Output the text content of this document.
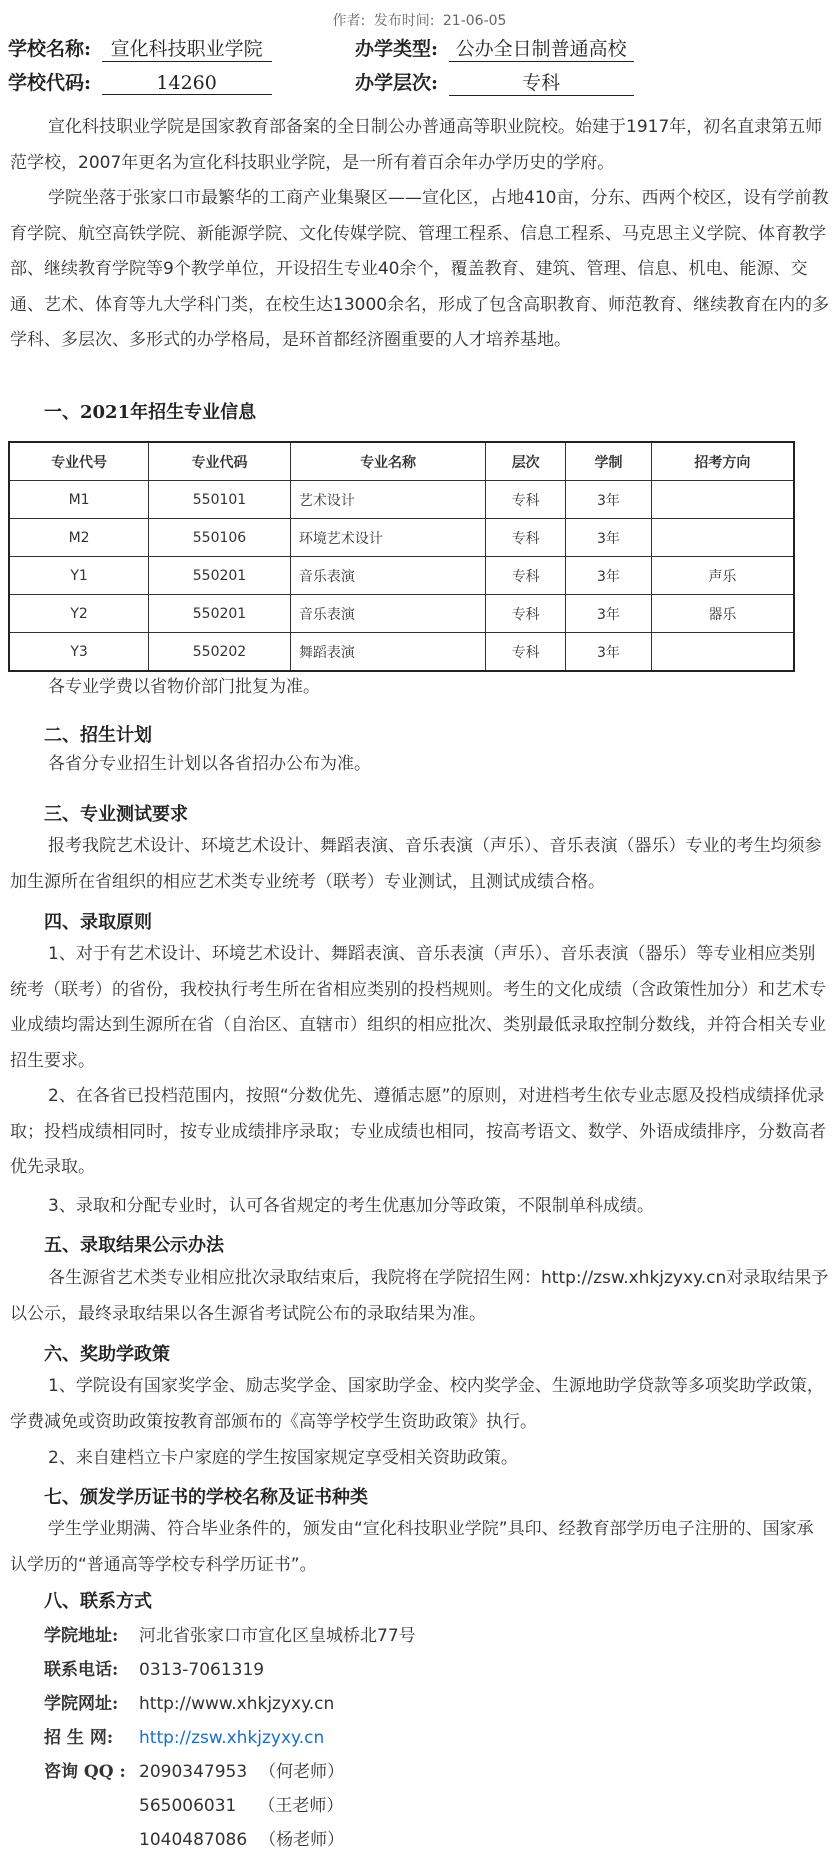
作者: 发布时间: 21-06-05
学校名称: 宣化科技职业学院	办学类型: 公办全日制普通高校
学校代码:	14260	办学层次:	专科
宣化科技职业学院是国家教育部备案的全日制公办普通高等职业院校。始建于1917年，初名直隶第五师范学校，2007年更名为宣化科技职业学院，是一所有着百余年办学历史的学府。
学院坐落于张家口市最繁华的工商产业集聚区——宣化区，占地410亩，分东、西两个校区，设有学前教育学院、航空高铁学院、新能源学院、文化传媒学院、管理工程系、信息工程系、马克思主义学院、体育教学部、继续教育学院等9个教学单位，开设招生专业40余个，覆盖教育、建筑、管理、信息、机电、能源、交通、艺术、体育等九大学科门类，在校生达13000余名，形成了包含高职教育、师范教育、继续教育在内的多学科、多层次、多形式的办学格局，是环首都经济圈重要的人才培养基地。
一、2021年招生专业信息
专业代号	专业代码	专业名称	层次	学制	招考方向
M1	550101	艺术设计	专科	3年	
M2	550106	环境艺术设计	专科	3年	
Y1	550201	音乐表演	专科	3年	声乐
Y2	550201	音乐表演	专科	3年	器乐
Y3	550202	舞蹈表演	专科	3年	
各专业学费以省物价部门批复为准。
二、招生计划
各省分专业招生计划以各省招办公布为准。
三、专业测试要求
报考我院艺术设计、环境艺术设计、舞蹈表演、音乐表演（声乐）、音乐表演（器乐）专业的考生均须参加生源所在省组织的相应艺术类专业统考（联考）专业测试，且测试成绩合格。
四、录取原则
1、对于有艺术设计、环境艺术设计、舞蹈表演、音乐表演（声乐）、音乐表演（器乐）等专业相应类别统考（联考）的省份，我校执行考生所在省相应类别的投档规则。考生的文化成绩（含政策性加分）和艺术专业成绩均需达到生源所在省（自治区、直辖市）组织的相应批次、类别最低录取控制分数线，并符合相关专业招生要求。
2、在各省已投档范围内，按照“分数优先、遵循志愿”的原则，对进档考生依专业志愿及投档成绩择优录取；投档成绩相同时，按专业成绩排序录取；专业成绩也相同，按高考语文、数学、外语成绩排序，分数高者优先录取。
3、录取和分配专业时，认可各省规定的考生优惠加分等政策，不限制单科成绩。
五、录取结果公示办法
各生源省艺术类专业相应批次录取结束后，我院将在学院招生网：http://zsw.xhkjzyxy.cn对录取结果予以公示，最终录取结果以各生源省考试院公布的录取结果为准。
六、奖助学政策
1、学院设有国家奖学金、励志奖学金、国家助学金、校内奖学金、生源地助学贷款等多项奖助学政策，学费减免或资助政策按教育部颁布的《高等学校学生资助政策》执行。
2、来自建档立卡户家庭的学生按国家规定享受相关资助政策。
七、颁发学历证书的学校名称及证书种类
学生学业期满、符合毕业条件的，颁发由“宣化科技职业学院”具印、经教育部学历电子注册的、国家承认学历的“普通高等学校专科学历证书”。
八、联系方式
学院地址: 河北省张家口市宣化区皇城桥北77号
联系电话: 0313-7061319
学院网址: http://www.xhkjzyxy.cn
招 生 网: http://zsw.xhkjzyxy.cn
咨询 QQ : 2090347953 （何老师）
565006031 （王老师）
1040487086 （杨老师）
